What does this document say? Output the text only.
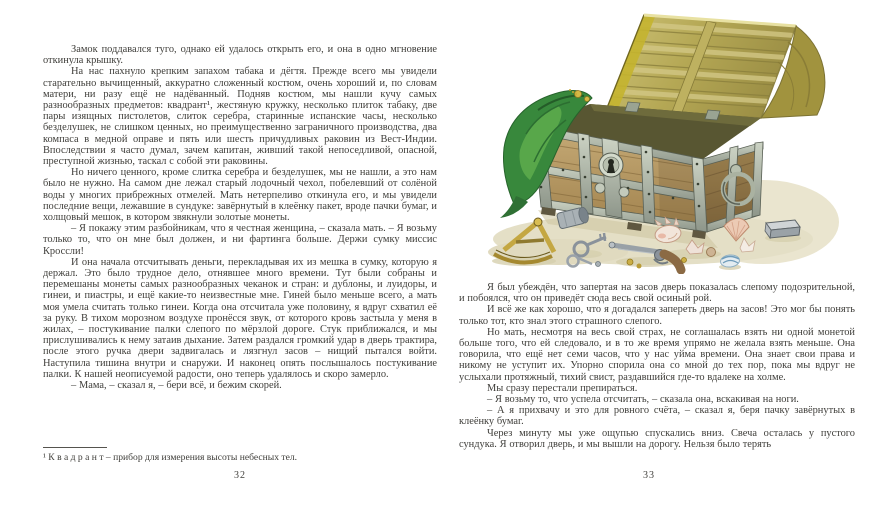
Замок поддавался туго, однако ей удалось открыть его, и она в одно мгновение откинула крышку.

На нас пахнуло крепким запахом табака и дёгтя. Прежде всего мы увидели старательно вычищенный, аккуратно сложенный костюм, очень хороший и, по словам матери, ни разу ещё не надёванный. Подняв костюм, мы нашли кучу самых разнообразных предметов: квадрант¹, жестяную кружку, несколько плиток табаку, две пары изящных пистолетов, слиток серебра, старинные испанские часы, несколько безделушек, не слишком ценных, но преимущественно заграничного производства, два компаса в медной оправе и пять или шесть причудливых раковин из Вест-Индии. Впоследствии я часто думал, зачем капитан, живший такой непоседливой, опасной, преступной жизнью, таскал с собой эти раковины.

Но ничего ценного, кроме слитка серебра и безделушек, мы не нашли, а это нам было не нужно. На самом дне лежал старый лодочный чехол, побелевший от солёной воды у многих прибрежных отмелей. Мать нетерпеливо откинула его, и мы увидели последние вещи, лежавшие в сундуке: завёрнутый в клеёнку пакет, вроде пачки бумаг, и холщовый мешок, в котором звякнули золотые монеты.

– Я покажу этим разбойникам, что я честная женщина, – сказала мать. – Я возьму только то, что он мне был должен, и ни фартинга больше. Держи сумку миссис Кроссли!

И она начала отсчитывать деньги, перекладывая их из мешка в сумку, которую я держал. Это было трудное дело, отнявшее много времени. Тут были собраны и перемешаны монеты самых разнообразных чеканок и стран: и дублоны, и луидоры, и гинеи, и пиастры, и ещё какие-то неизвестные мне. Гиней было меньше всего, а мать моя умела считать только гинеи. Когда она отсчитала уже половину, я вдруг схватил её за руку. В тихом морозном воздухе пронёсся звук, от которого кровь застыла у меня в жилах, – постукивание палки слепого по мёрзлой дороге. Стук приближался, и мы прислушивались к нему затаив дыхание. Затем раздался громкий удар в дверь трактира, после этого ручка двери задвигалась и лязгнул засов – нищий пытался войти. Наступила тишина внутри и снаружи. И наконец опять послышалось постукивание палки. К нашей неописуемой радости, оно теперь удалялось и скоро замерло.

– Мама, – сказал я, – бери всё, и бежим скорей.

¹ К в а д р а н т – прибор для измерения высоты небесных тел.
32

Я был убеждён, что запертая на засов дверь показалась слепому подозрительной, и побоялся, что он приведёт сюда весь свой осиный рой.

И всё же как хорошо, что я догадался запереть дверь на засов! Это мог бы понять только тот, кто знал этого страшного слепого.

Но мать, несмотря на весь свой страх, не соглашалась взять ни одной монетой больше того, что ей следовало, и в то же время упрямо не желала взять меньше. Она говорила, что ещё нет семи часов, что у нас уйма времени. Она знает свои права и никому не уступит их. Упорно спорила она со мной до тех пор, пока мы вдруг не услыхали протяжный, тихий свист, раздавшийся где-то вдалеке на холме.

Мы сразу перестали препираться.

– Я возьму то, что успела отсчитать, – сказала она, вскакивая на ноги.

– А я прихвачу и это для ровного счёта, – сказал я, беря пачку завёрнутых в клеёнку бумаг.

Через минуту мы уже ощупью спускались вниз. Свеча осталась у пустого сундука. Я отворил дверь, и мы вышли на дорогу. Нельзя было терять

33
